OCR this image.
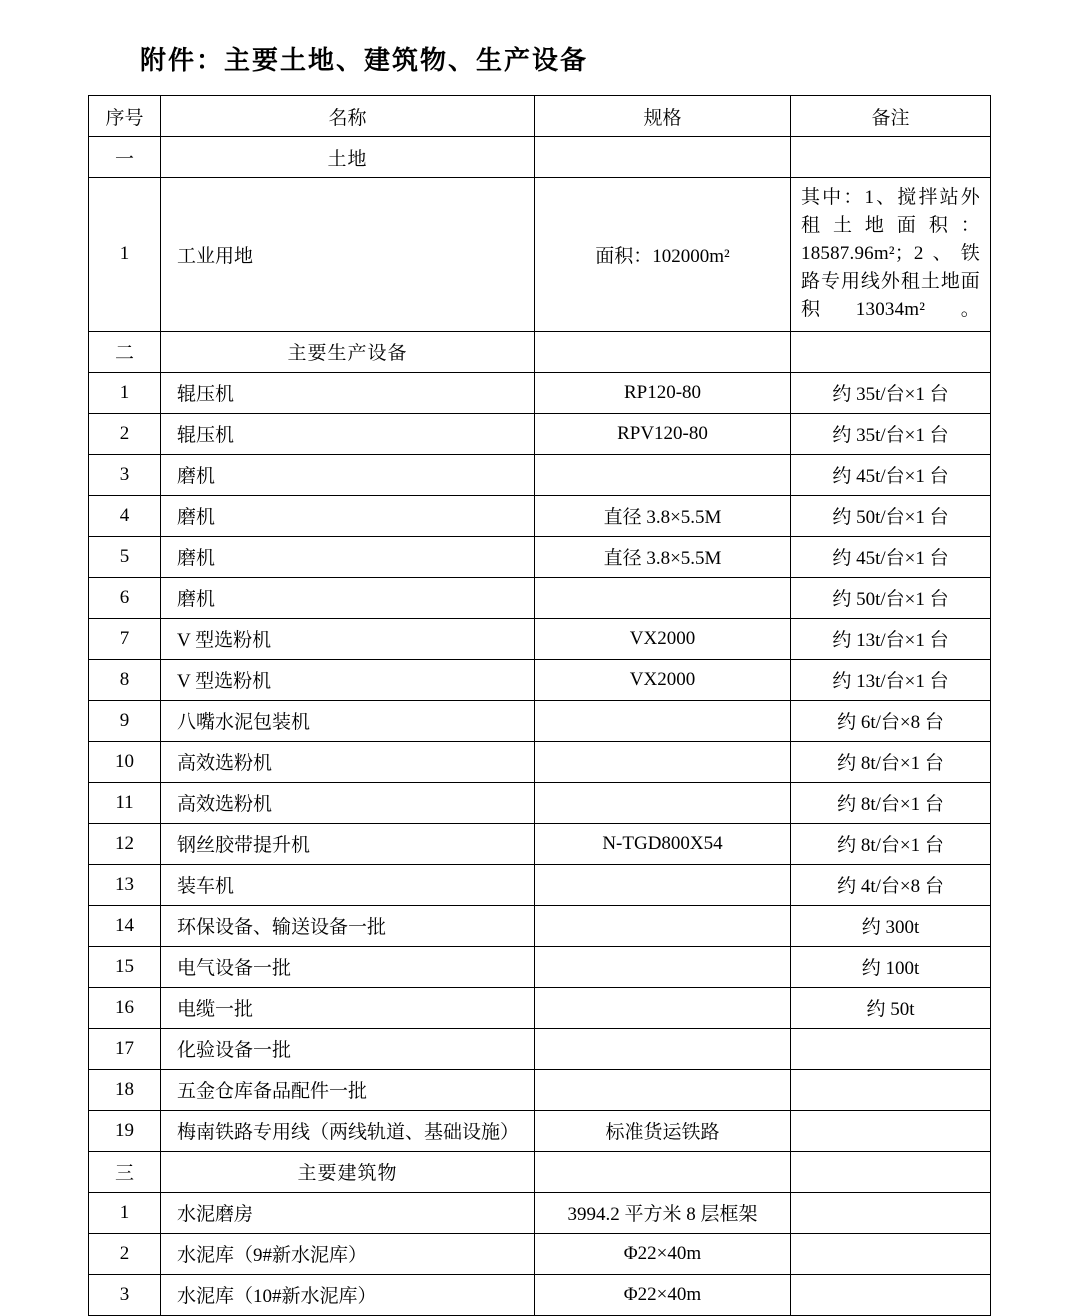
附件：主要土地、建筑物、生产设备
序号	名称	规格	备注
一	土地		
1	工业用地	面积：102000m²	其中：1、搅拌站外租土地面积：18587.96m²；2、铁路专用线外租土地面积13034m²。

二	主要生产设备		
1	辊压机	RP120-80	约 35t/台×1 台
2	辊压机	RPV120-80	约 35t/台×1 台
3	磨机		约 45t/台×1 台
4	磨机	直径 3.8×5.5M	约 50t/台×1 台
5	磨机	直径 3.8×5.5M	约 45t/台×1 台
6	磨机		约 50t/台×1 台
7	V 型选粉机	VX2000	约 13t/台×1 台
8	V 型选粉机	VX2000	约 13t/台×1 台
9	八嘴水泥包装机		约 6t/台×8 台
10	高效选粉机		约 8t/台×1 台
11	高效选粉机		约 8t/台×1 台
12	钢丝胶带提升机	N-TGD800X54	约 8t/台×1 台
13	装车机		约 4t/台×8 台
14	环保设备、输送设备一批		约 300t
15	电气设备一批		约 100t
16	电缆一批		约 50t
17	化验设备一批		
18	五金仓库备品配件一批		
19	梅南铁路专用线（两线轨道、基础设施）	标准货运铁路	
三	主要建筑物		
1	水泥磨房	3994.2 平方米 8 层框架	
2	水泥库（9#新水泥库）	Φ22×40m	
3	水泥库（10#新水泥库）	Φ22×40m	
